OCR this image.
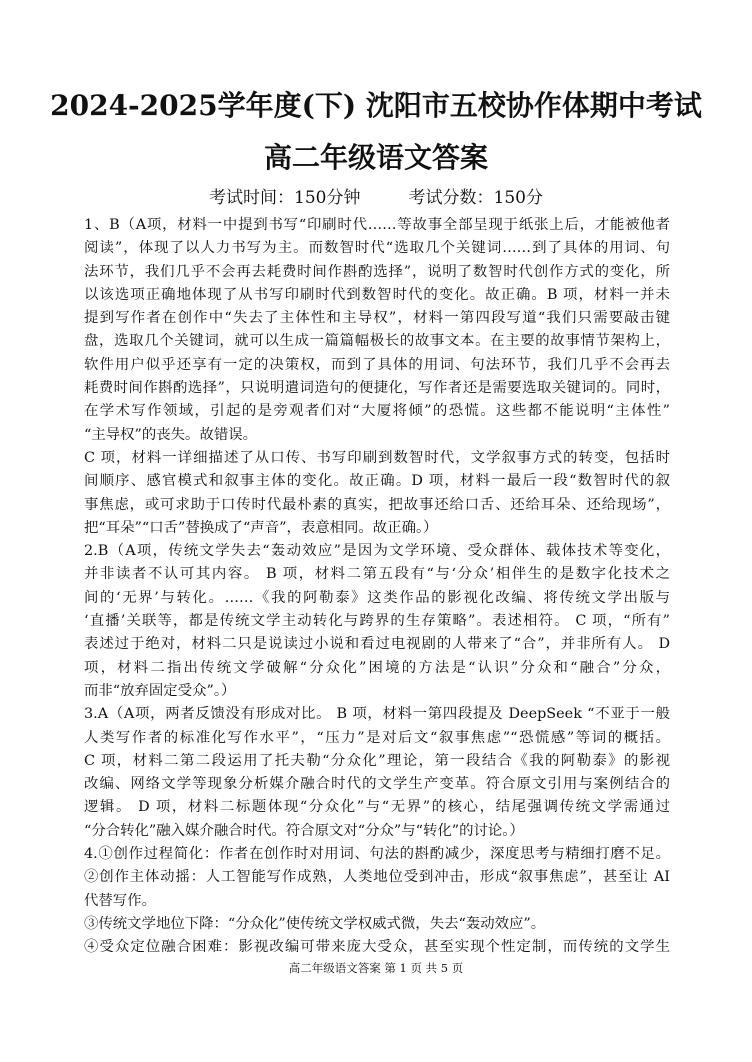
2024-2025学年度(下) 沈阳市五校协作体期中考试
高二年级语文答案
考试时间：150分钟	考试分数：150分
1、B（A项，材料一中提到书写“印刷时代……等故事全部呈现于纸张上后，才能被他者
阅读”，体现了以人力书写为主。而数智时代“选取几个关键词……到了具体的用词、句
法环节，我们几乎不会再去耗费时间作斟酌选择”，说明了数智时代创作方式的变化，所
以该选项正确地体现了从书写印刷时代到数智时代的变化。故正确。B 项，材料一并未
提到写作者在创作中“失去了主体性和主导权”，材料一第四段写道“我们只需要敲击键
盘，选取几个关键词，就可以生成一篇篇幅极长的故事文本。在主要的故事情节架构上，
软件用户似乎还享有一定的决策权，而到了具体的用词、句法环节，我们几乎不会再去
耗费时间作斟酌选择”，只说明遣词造句的便捷化，写作者还是需要选取关键词的。同时，
在学术写作领域，引起的是旁观者们对“大厦将倾”的恐慌。这些都不能说明“主体性”
“主导权”的丧失。故错误。
C 项，材料一详细描述了从口传、书写印刷到数智时代，文学叙事方式的转变，包括时
间顺序、感官模式和叙事主体的变化。故正确。D 项，材料一最后一段“数智时代的叙
事焦虑，或可求助于口传时代最朴素的真实，把故事还给口舌、还给耳朵、还给现场”，
把“耳朵”“口舌”替换成了“声音”，表意相同。故正确。）
2.B（A项，传统文学失去“轰动效应”是因为文学环境、受众群体、载体技术等变化，
并非读者不认可其内容。 B 项，材料二第五段有“与‘分众’相伴生的是数字化技术之
间的‘无界’与转化。……《我的阿勒泰》这类作品的影视化改编、将传统文学出版与
‘直播’关联等，都是传统文学主动转化与跨界的生存策略”。表述相符。 C 项，“所有”
表述过于绝对，材料二只是说读过小说和看过电视剧的人带来了“合”，并非所有人。 D
项，材料二指出传统文学破解“分众化”困境的方法是“认识”分众和“融合”分众，
而非“放弃固定受众”。）
3.A（A项，两者反馈没有形成对比。 B 项，材料一第四段提及 DeepSeek “不亚于一般
人类写作者的标准化写作水平”，“压力”是对后文“叙事焦虑”“恐慌感”等词的概括。
C 项，材料二第二段运用了托夫勒“分众化”理论，第一段结合《我的阿勒泰》的影视
改编、网络文学等现象分析媒介融合时代的文学生产变革。符合原文引用与案例结合的
逻辑。 D 项，材料二标题体现“分众化”与“无界”的核心，结尾强调传统文学需通过
“分合转化”融入媒介融合时代。符合原文对“分众”与“转化”的讨论。）
4.①创作过程简化：作者在创作时对用词、句法的斟酌减少，深度思考与精细打磨不足。
②创作主体动摇：人工智能写作成熟，人类地位受到冲击，形成“叙事焦虑”，甚至让 AI
代替写作。
③传统文学地位下降：“分众化”使传统文学权威式微，失去“轰动效应”。
④受众定位融合困难：影视改编可带来庞大受众，甚至实现个性定制，而传统的文学生
高二年级语文答案 第 1 页 共 5 页
